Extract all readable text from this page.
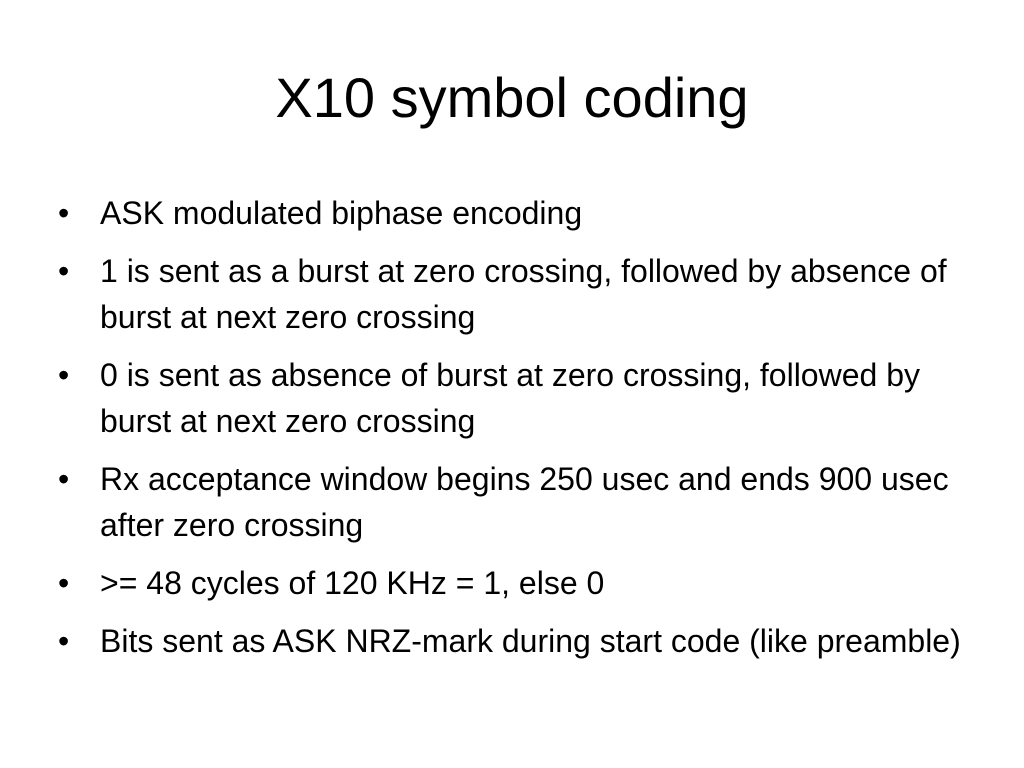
X10 symbol coding
• ASK modulated biphase encoding
• 1 is sent as a burst at zero crossing, followed by absence of burst at next zero crossing
• 0 is sent as absence of burst at zero crossing, followed by burst at next zero crossing
• Rx acceptance window begins 250 usec and ends 900 usec after zero crossing
• >= 48 cycles of 120 KHz = 1, else 0
• Bits sent as ASK NRZ-mark during start code (like preamble)
